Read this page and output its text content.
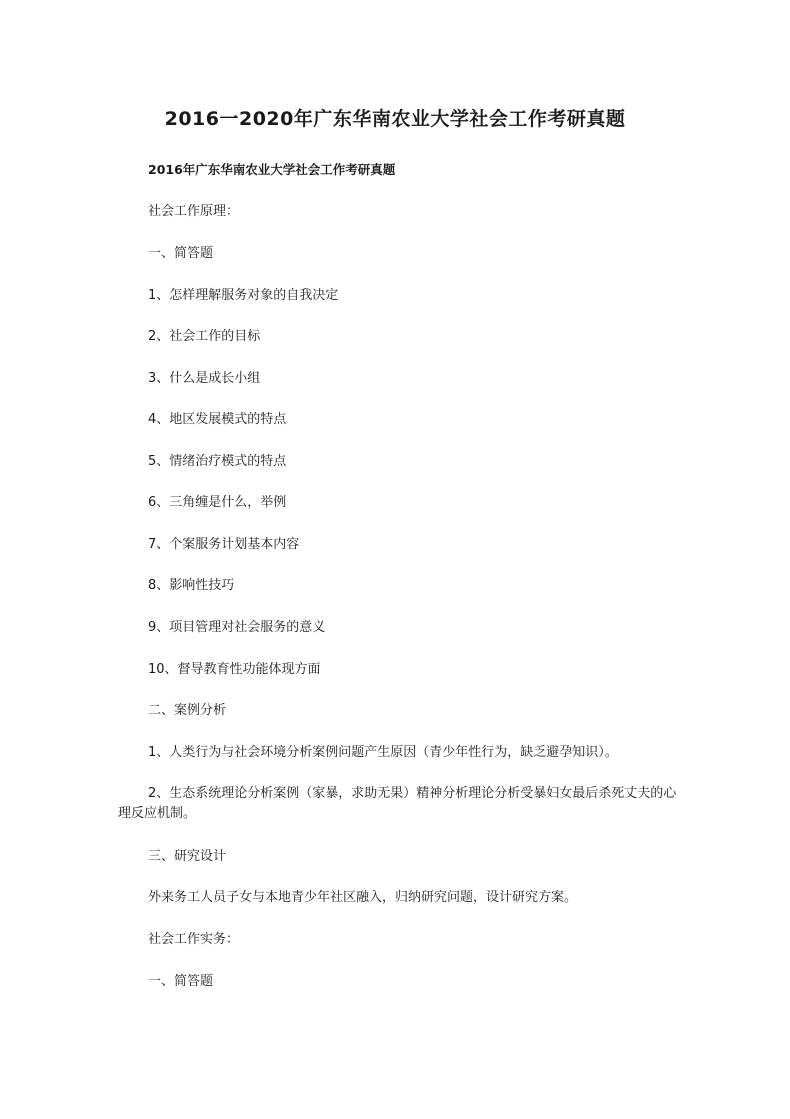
2016一2020年广东华南农业大学社会工作考研真题
2016年广东华南农业大学社会工作考研真题
社会工作原理：
一、简答题
1、怎样理解服务对象的自我决定
2、社会工作的目标
3、什么是成长小组
4、地区发展模式的特点
5、情绪治疗模式的特点
6、三角缠是什么，举例
7、个案服务计划基本内容
8、影响性技巧
9、项目管理对社会服务的意义
10、督导教育性功能体现方面
二、案例分析
1、人类行为与社会环境分析案例问题产生原因（青少年性行为，缺乏避孕知识）。
2、生态系统理论分析案例（家暴，求助无果）精神分析理论分析受暴妇女最后杀死丈夫的心理反应机制。
三、研究设计
外来务工人员子女与本地青少年社区融入，归纳研究问题，设计研究方案。
社会工作实务：
一、简答题
